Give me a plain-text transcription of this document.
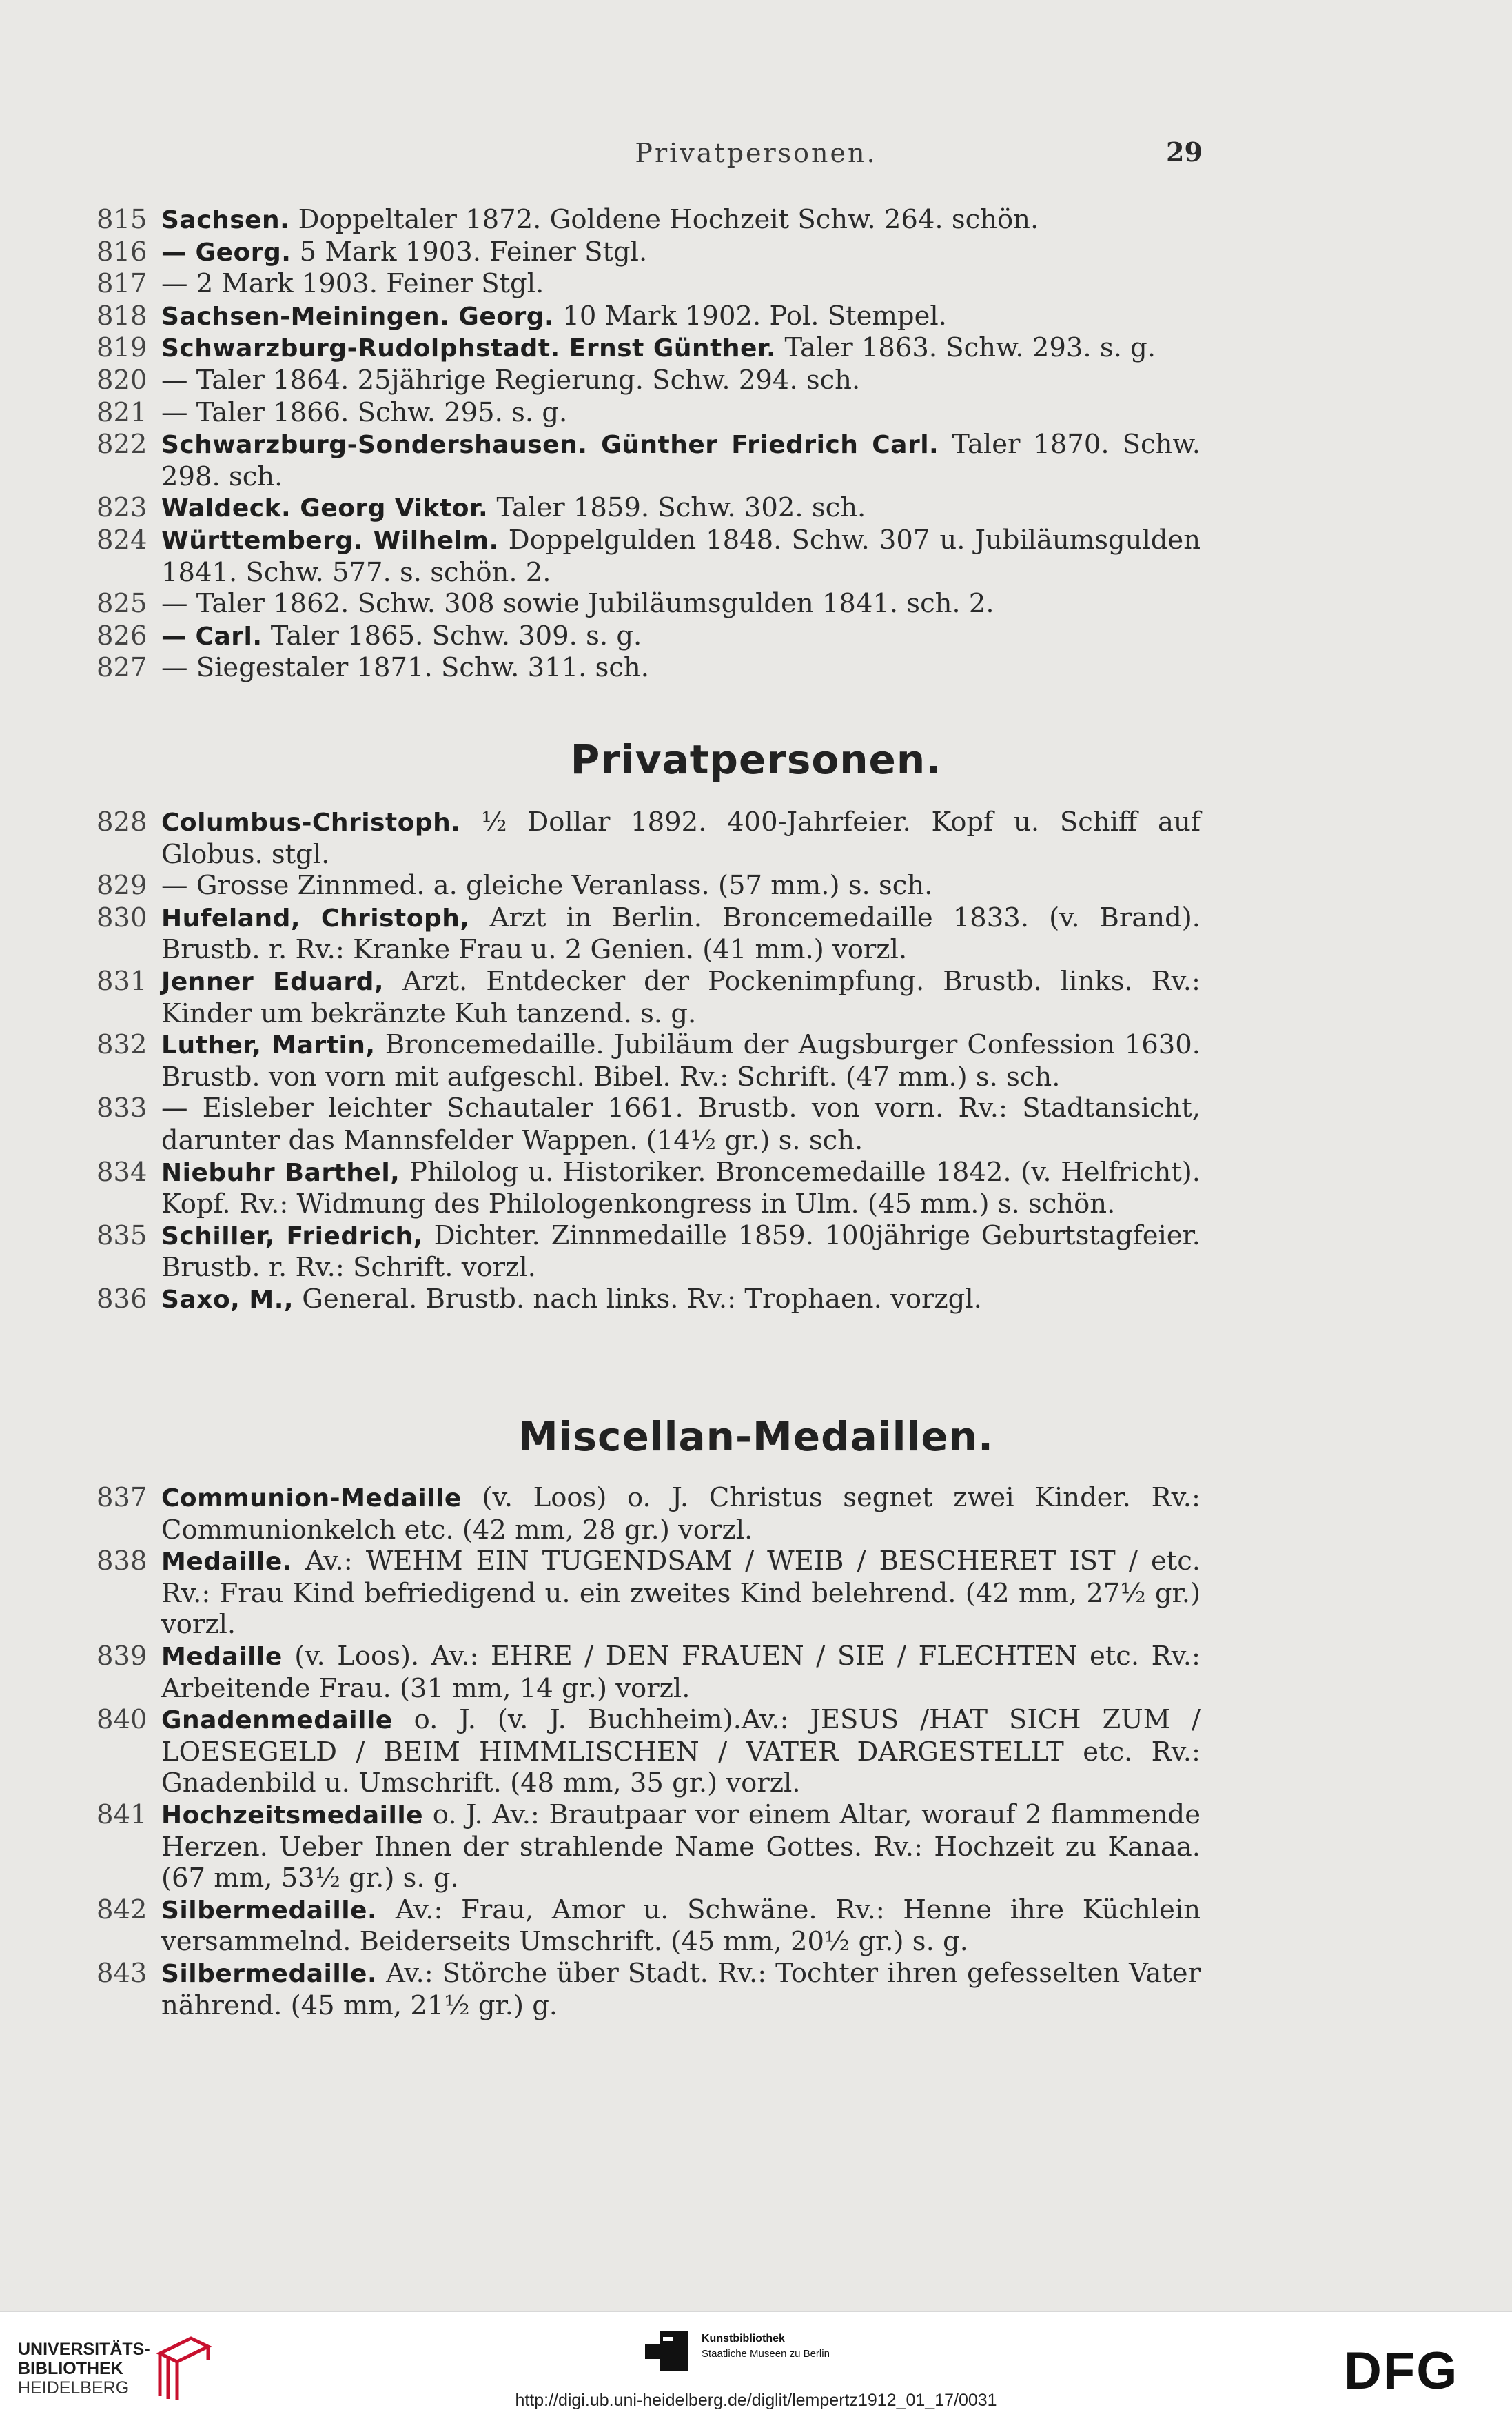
Privatpersonen.	29
815 Sachsen. Doppeltaler 1872. Goldene Hochzeit Schw. 264. schön.
816 — Georg. 5 Mark 1903. Feiner Stgl.
817 — 2 Mark 1903. Feiner Stgl.
818 Sachsen-Meiningen. Georg. 10 Mark 1902. Pol. Stempel.
819 Schwarzburg-Rudolphstadt. Ernst Günther. Taler 1863. Schw. 293. s. g.
820 — Taler 1864. 25jährige Regierung. Schw. 294. sch.
821 — Taler 1866. Schw. 295. s. g.
822 Schwarzburg-Sondershausen. Günther Friedrich Carl. Taler 1870. Schw. 298. sch.
823 Waldeck. Georg Viktor. Taler 1859. Schw. 302. sch.
824 Württemberg. Wilhelm. Doppelgulden 1848. Schw. 307 u. Jubiläumsgulden 1841. Schw. 577. s. schön. 2.
825 — Taler 1862. Schw. 308 sowie Jubiläumsgulden 1841. sch. 2.
826 — Carl. Taler 1865. Schw. 309. s. g.
827 — Siegestaler 1871. Schw. 311. sch.
Privatpersonen.
828 Columbus-Christoph. ½ Dollar 1892. 400-Jahrfeier. Kopf u. Schiff auf Globus. stgl.
829 — Grosse Zinnmed. a. gleiche Veranlass. (57 mm.) s. sch.
830 Hufeland, Christoph, Arzt in Berlin. Broncemedaille 1833. (v. Brand). Brustb. r. Rv.: Kranke Frau u. 2 Genien. (41 mm.) vorzl.
831 Jenner Eduard, Arzt. Entdecker der Pockenimpfung. Brustb. links. Rv.: Kinder um bekränzte Kuh tanzend. s. g.
832 Luther, Martin, Broncemedaille. Jubiläum der Augsburger Confession 1630. Brustb. von vorn mit aufgeschl. Bibel. Rv.: Schrift. (47 mm.) s. sch.
833 — Eisleber leichter Schautaler 1661. Brustb. von vorn. Rv.: Stadtansicht, darunter das Mannsfelder Wappen. (14½ gr.) s. sch.
834 Niebuhr Barthel, Philolog u. Historiker. Broncemedaille 1842. (v. Helfricht). Kopf. Rv.: Widmung des Philologenkongress in Ulm. (45 mm.) s. schön.
835 Schiller, Friedrich, Dichter. Zinnmedaille 1859. 100jährige Geburtstagfeier. Brustb. r. Rv.: Schrift. vorzl.
836 Saxo, M., General. Brustb. nach links. Rv.: Trophaen. vorzgl.
Miscellan-Medaillen.
837 Communion-Medaille (v. Loos) o. J. Christus segnet zwei Kinder. Rv.: Communionkelch etc. (42 mm, 28 gr.) vorzl.
838 Medaille. Av.: WEHM EIN TUGENDSAM / WEIB / BESCHERET IST / etc. Rv.: Frau Kind befriedigend u. ein zweites Kind belehrend. (42 mm, 27½ gr.) vorzl.
839 Medaille (v. Loos). Av.: EHRE / DEN FRAUEN / SIE / FLECHTEN etc. Rv.: Arbeitende Frau. (31 mm, 14 gr.) vorzl.
840 Gnadenmedaille o. J. (v. J. Buchheim).Av.: JESUS /HAT SICH ZUM / LOESEGELD / BEIM HIMMLISCHEN / VATER DARGESTELLT etc. Rv.: Gnadenbild u. Umschrift. (48 mm, 35 gr.) vorzl.
841 Hochzeitsmedaille o. J. Av.: Brautpaar vor einem Altar, worauf 2 flammende Herzen. Ueber Ihnen der strahlende Name Gottes. Rv.: Hochzeit zu Kanaa. (67 mm, 53½ gr.) s. g.
842 Silbermedaille. Av.: Frau, Amor u. Schwäne. Rv.: Henne ihre Küchlein versammelnd. Beiderseits Umschrift. (45 mm, 20½ gr.) s. g.
843 Silbermedaille. Av.: Störche über Stadt. Rv.: Tochter ihren gefesselten Vater nährend. (45 mm, 21½ gr.) g.
UNIVERSITÄTS-
BIBLIOTHEK
HEIDELBERG
Kunstbibliothek
Staatliche Museen zu Berlin	DFG
http://digi.ub.uni-heidelberg.de/diglit/lempertz1912_01_17/0031
